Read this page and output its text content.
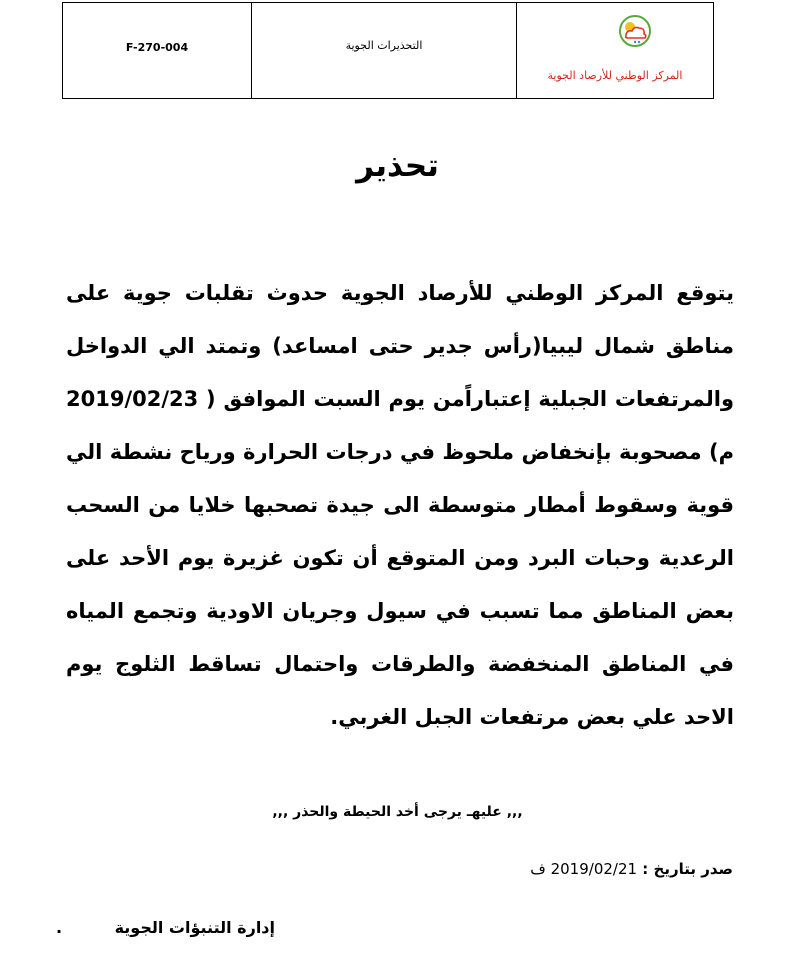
F-270-004	التحذيرات الجوية
المركز الوطني للأرصاد الجوية
تحذير

يتوقع المركز الوطني للأرصاد الجوية حدوث تقلبات جوية على مناطق شمال ليبيا(رأس جدير حتى امساعد) وتمتد الي الدواخل والمرتفعات الجبلية إعتباراًمن يوم السبت الموافق ( 2019/02/23 م) مصحوبة بإنخفاض ملحوظ في درجات الحرارة ورياح نشطة الي قوية وسقوط أمطار متوسطة الى جيدة تصحبها خلايا من السحب الرعدية وحبات البرد ومن المتوقع أن تكون غزيرة يوم الأحد على بعض المناطق مما تسبب في سيول وجريان الاودية وتجمع المياه في المناطق المنخفضة والطرقات واحتمال تساقط الثلوج يوم الاحد علي بعض مرتفعات الجبل الغربي.

,,, عليهـ يرجى أخد الحيطة والحذر ,,,
صدر بتاريخ : 2019/02/21 ف
إدارة التنبؤات الجوية
.
